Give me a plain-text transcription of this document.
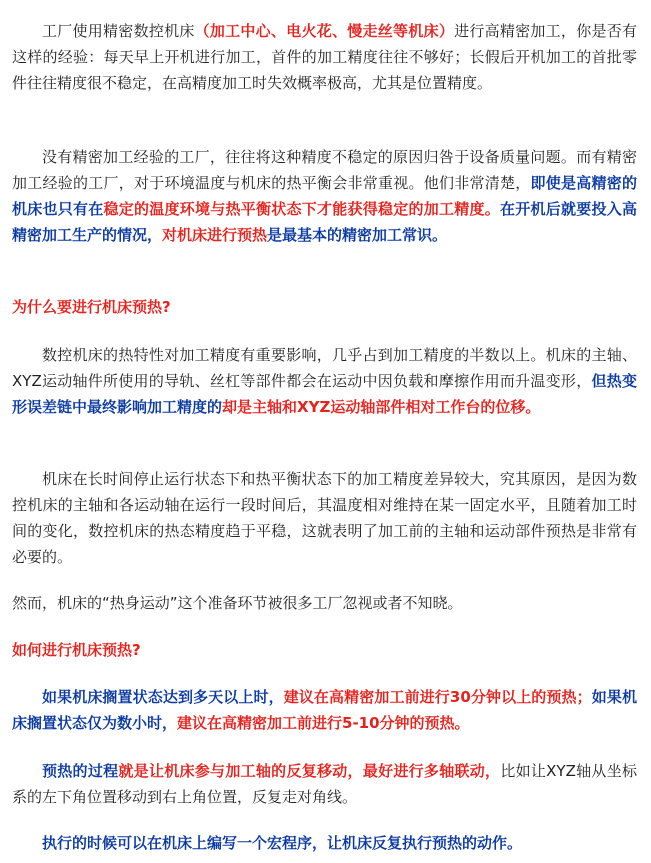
工厂使用精密数控机床（加工中心、电火花、慢走丝等机床）进行高精密加工，你是否有这样的经验：每天早上开机进行加工，首件的加工精度往往不够好；长假后开机加工的首批零件往往精度很不稳定，在高精度加工时失效概率极高，尤其是位置精度。

没有精密加工经验的工厂，往往将这种精度不稳定的原因归咎于设备质量问题。而有精密加工经验的工厂，对于环境温度与机床的热平衡会非常重视。他们非常清楚，即使是高精密的机床也只有在稳定的温度环境与热平衡状态下才能获得稳定的加工精度。在开机后就要投入高精密加工生产的情况，对机床进行预热是最基本的精密加工常识。

为什么要进行机床预热?

数控机床的热特性对加工精度有重要影响，几乎占到加工精度的半数以上。机床的主轴、XYZ运动轴件所使用的导轨、丝杠等部件都会在运动中因负载和摩擦作用而升温变形，但热变形误差链中最终影响加工精度的却是主轴和XYZ运动轴部件相对工作台的位移。

机床在长时间停止运行状态下和热平衡状态下的加工精度差异较大，究其原因，是因为数控机床的主轴和各运动轴在运行一段时间后，其温度相对维持在某一固定水平，且随着加工时间的变化，数控机床的热态精度趋于平稳，这就表明了加工前的主轴和运动部件预热是非常有必要的。

然而，机床的“热身运动”这个准备环节被很多工厂忽视或者不知晓。

如何进行机床预热?

如果机床搁置状态达到多天以上时，建议在高精密加工前进行30分钟以上的预热；如果机床搁置状态仅为数小时，建议在高精密加工前进行5-10分钟的预热。

预热的过程就是让机床参与加工轴的反复移动，最好进行多轴联动，比如让XYZ轴从坐标系的左下角位置移动到右上角位置，反复走对角线。

执行的时候可以在机床上编写一个宏程序，让机床反复执行预热的动作。
